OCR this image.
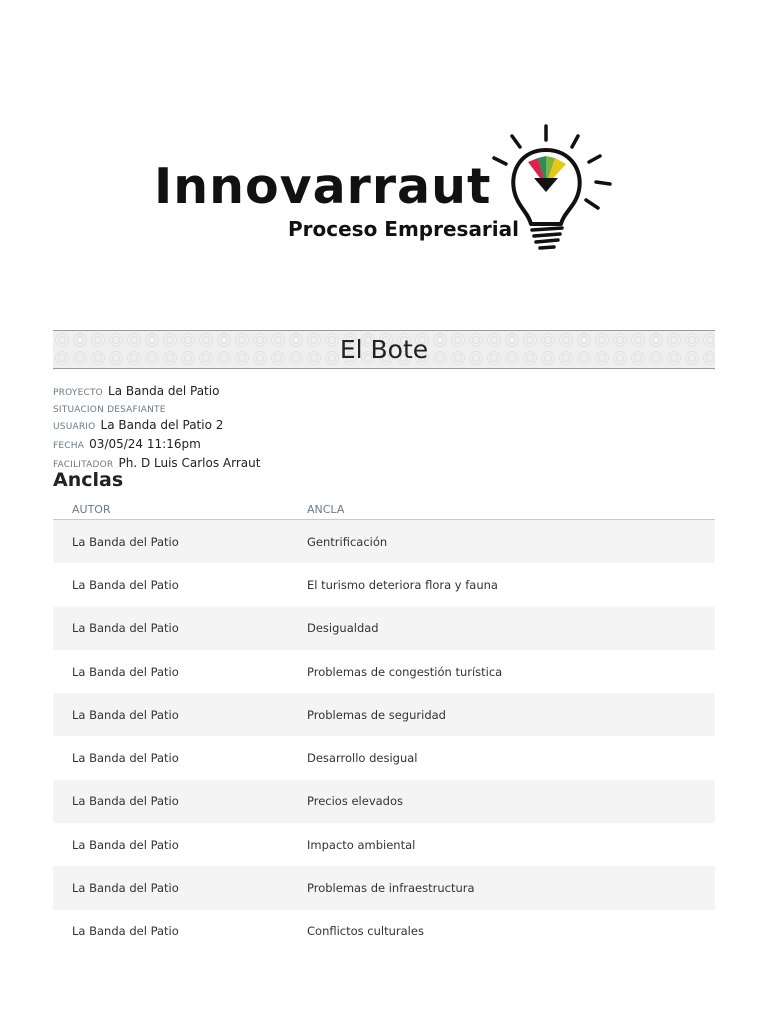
Innovarraut
Proceso Empresarial
El Bote
PROYECTO La Banda del Patio
SITUACION DESAFIANTE
USUARIO La Banda del Patio 2
FECHA 03/05/24 11:16pm
FACILITADOR Ph. D Luis Carlos Arraut
Anclas
AUTOR	ANCLA
La Banda del Patio	Gentrificación
La Banda del Patio	El turismo deteriora flora y fauna
La Banda del Patio	Desigualdad
La Banda del Patio	Problemas de congestión turística
La Banda del Patio	Problemas de seguridad
La Banda del Patio	Desarrollo desigual
La Banda del Patio	Precios elevados
La Banda del Patio	Impacto ambiental
La Banda del Patio	Problemas de infraestructura
La Banda del Patio	Conflictos culturales
